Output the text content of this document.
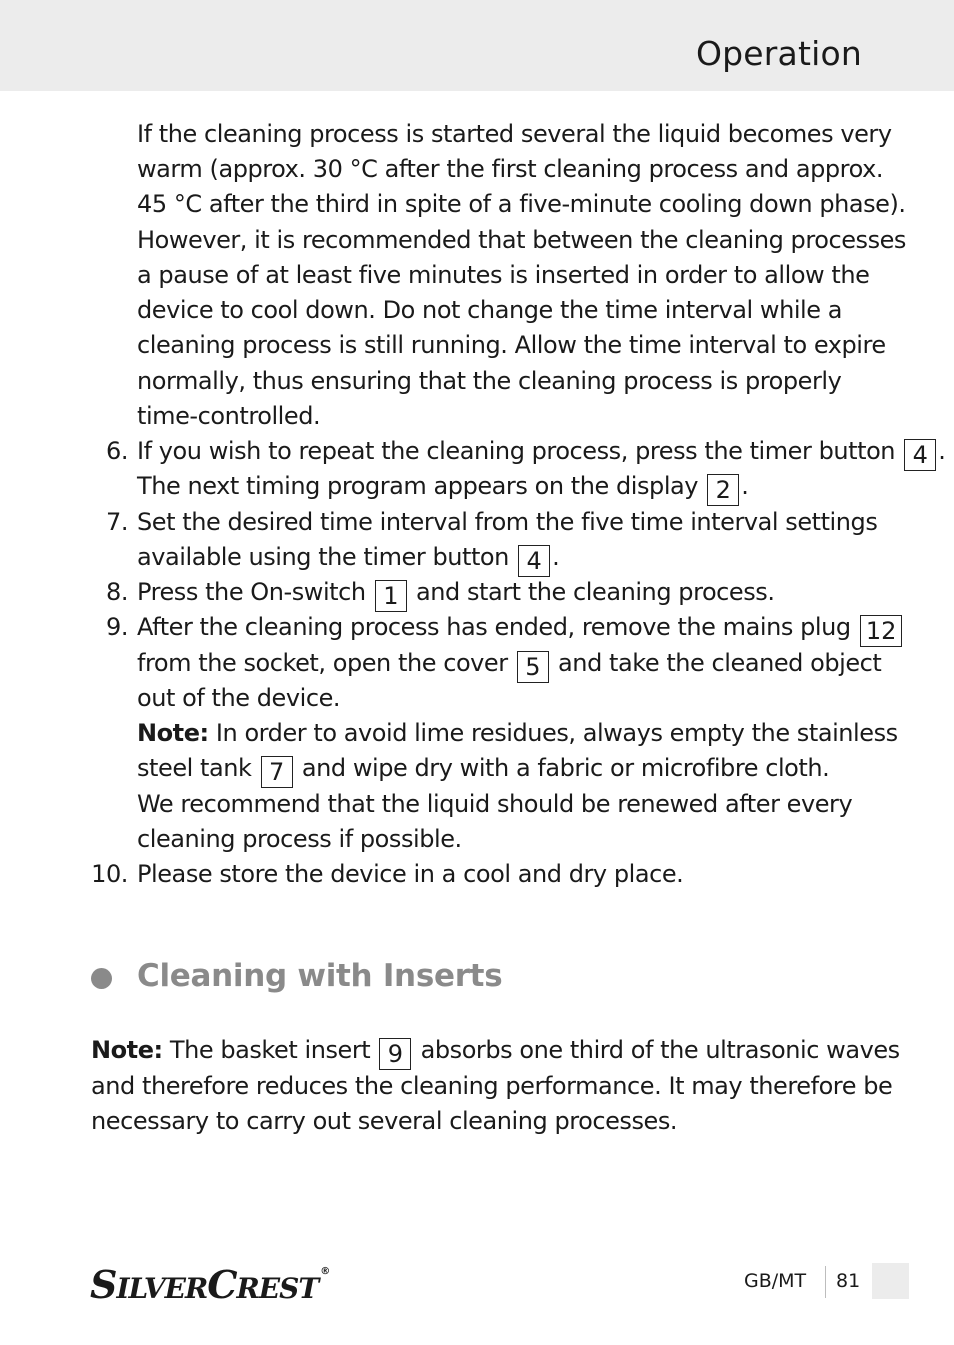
Operation
If the cleaning process is started several the liquid becomes very
warm (approx. 30 °C after the first cleaning process and approx.
45 °C after the third in spite of a five-minute cooling down phase).
However, it is recommended that between the cleaning processes
a pause of at least five minutes is inserted in order to allow the
device to cool down. Do not change the time interval while a
cleaning process is still running. Allow the time interval to expire
normally, thus ensuring that the cleaning process is properly
time-controlled.
6. If you wish to repeat the cleaning process, press the timer button 4 .
The next timing program appears on the display 2 .
7. Set the desired time interval from the five time interval settings
available using the timer button 4 .
8. Press the On-switch 1 and start the cleaning process.
9. After the cleaning process has ended, remove the mains plug 12
from the socket, open the cover 5 and take the cleaned object
out of the device.
Note: In order to avoid lime residues, always empty the stainless
steel tank 7 and wipe dry with a fabric or microfibre cloth.
We recommend that the liquid should be renewed after every
cleaning process if possible.
10. Please store the device in a cool and dry place.
Note: The basket insert 9 absorbs one third of the ultrasonic waves
and therefore reduces the cleaning performance. It may therefore be
necessary to carry out several cleaning processes.
Cleaning with Inserts
SILVERCREST®	GB/MT 81
